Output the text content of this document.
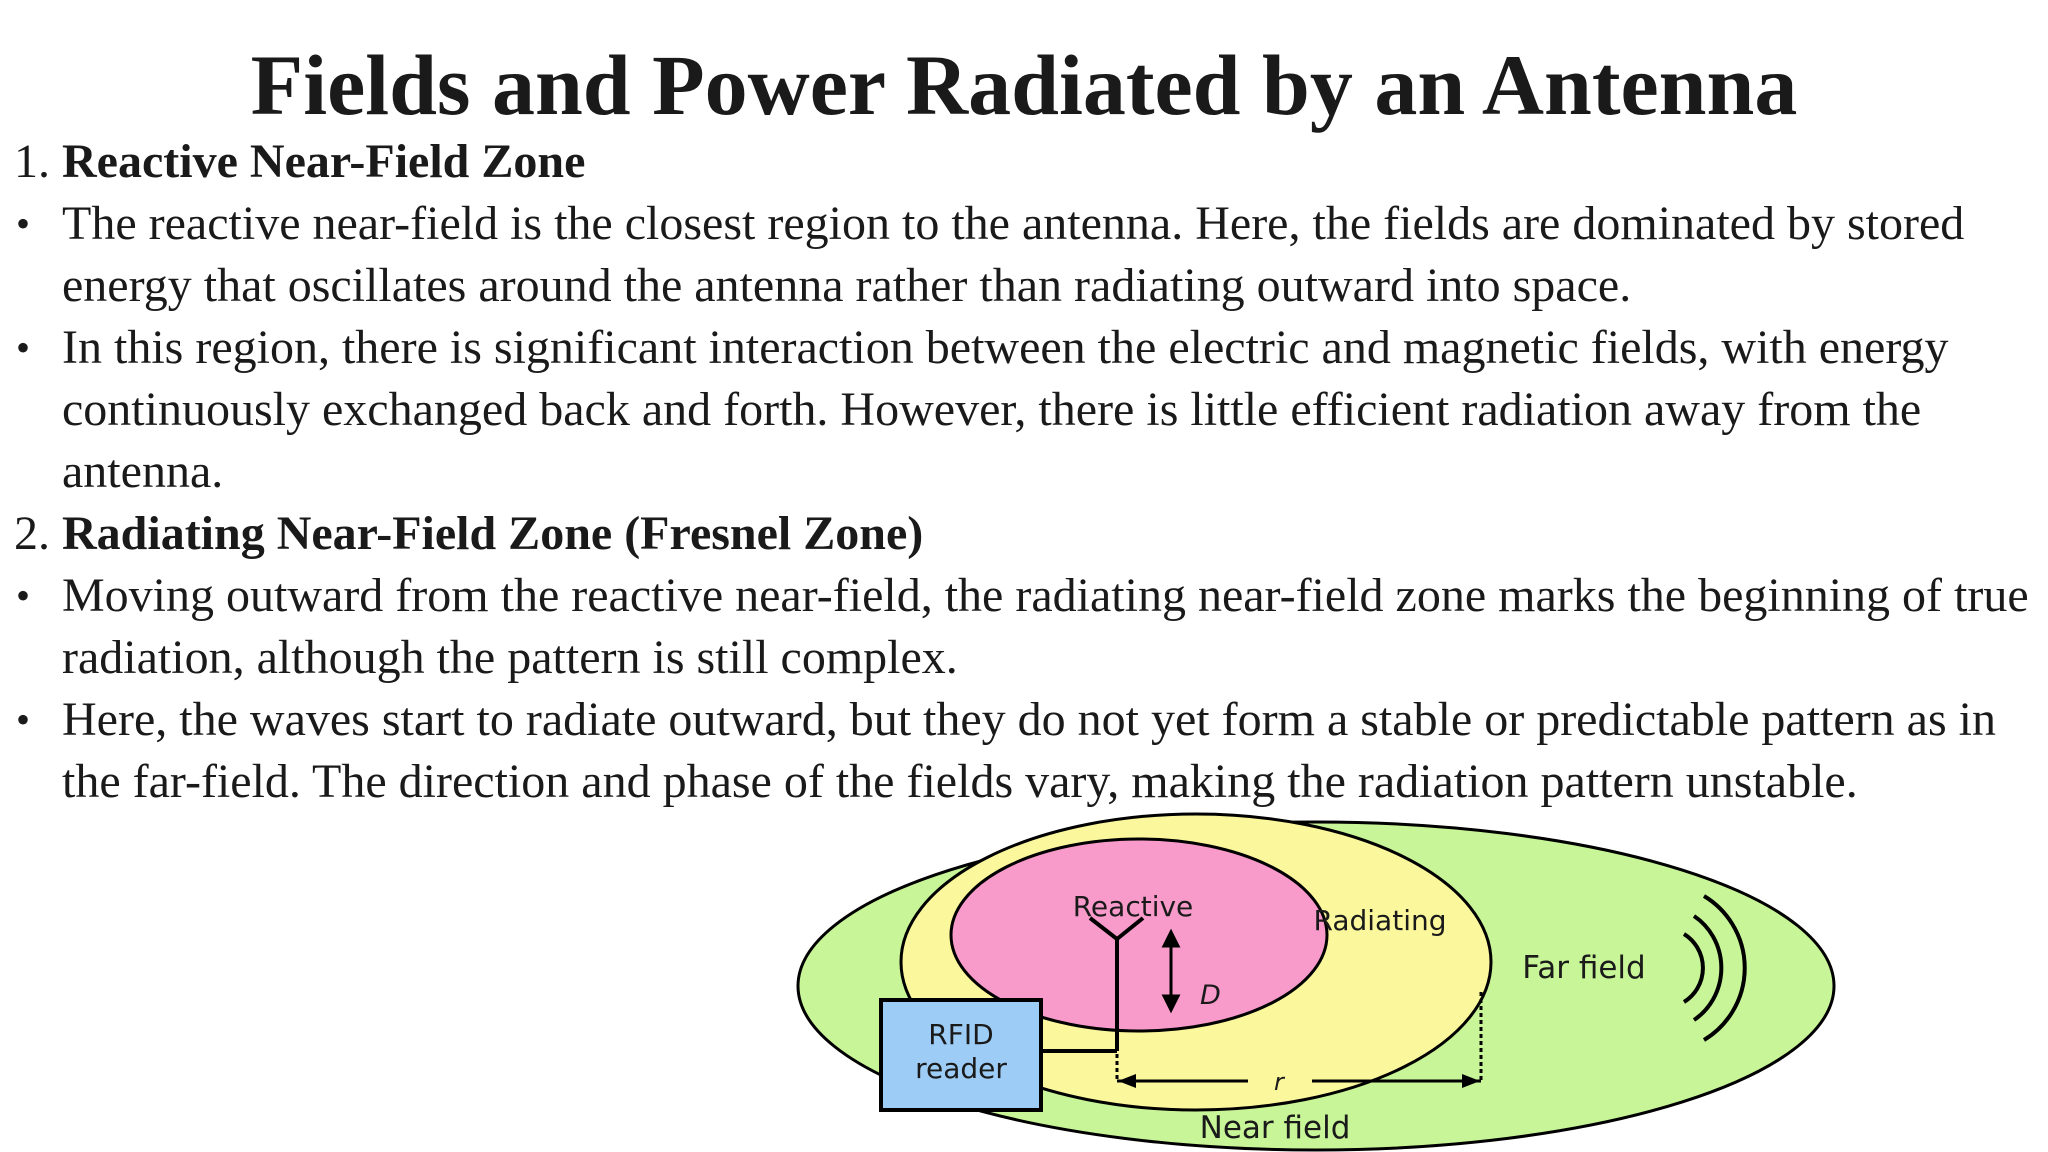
Fields and Power Radiated by an Antenna

1. Reactive Near-Field Zone

• The reactive near-field is the closest region to the antenna. Here, the fields are dominated by stored energy that oscillates around the antenna rather than radiating outward into space.

• In this region, there is significant interaction between the electric and magnetic fields, with energy continuously exchanged back and forth. However, there is little efficient radiation away from the antenna.

2. Radiating Near-Field Zone (Fresnel Zone)

• Moving outward from the reactive near-field, the radiating near-field zone marks the beginning of true radiation, although the pattern is still complex.

• Here, the waves start to radiate outward, but they do not yet form a stable or predictable pattern as in the far-field. The direction and phase of the fields vary, making the radiation pattern unstable.

D
r
RFID
reader
Reactive	Radiating
Far field
Near field
